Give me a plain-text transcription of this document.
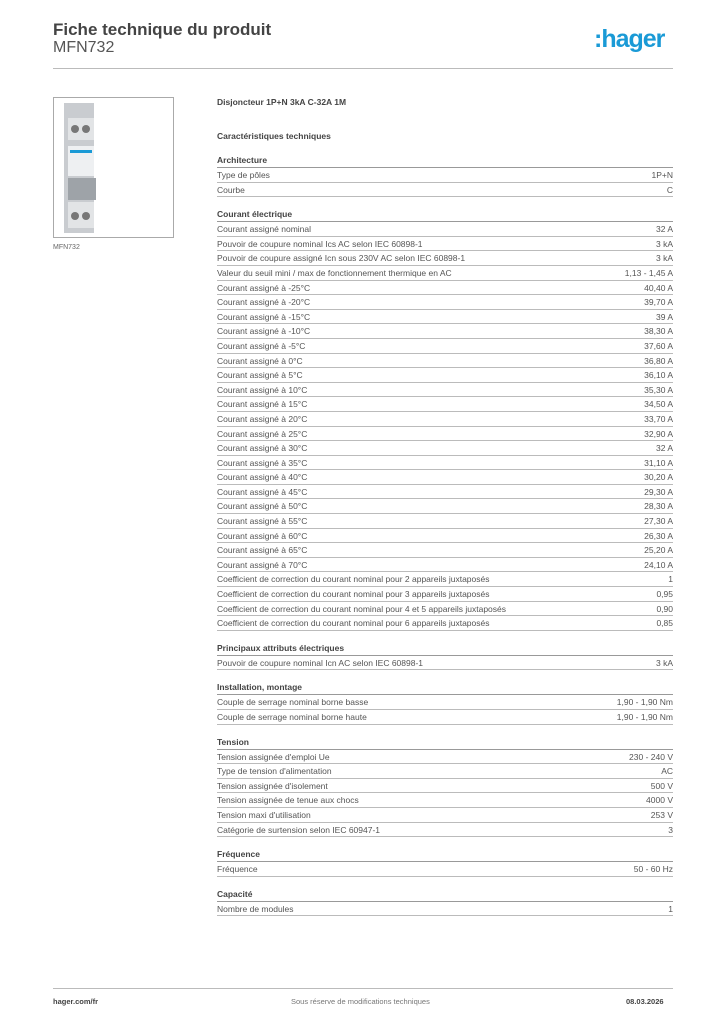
Fiche technique du produit
MFN732	:hager
MFN732
Disjoncteur 1P+N 3kA C-32A 1M
Caractéristiques techniques
Architecture
Type de pôles	1P+N
Courbe	C
Courant électrique
Courant assigné nominal	32 A
Pouvoir de coupure nominal Ics AC selon IEC 60898-1	3 kA
Pouvoir de coupure assigné Icn sous 230V AC selon IEC 60898-1	3 kA
Valeur du seuil mini / max de fonctionnement thermique en AC	1,13 - 1,45 A
Courant assigné à -25°C	40,40 A
Courant assigné à -20°C	39,70 A
Courant assigné à -15°C	39 A
Courant assigné à -10°C	38,30 A
Courant assigné à -5°C	37,60 A
Courant assigné à 0°C	36,80 A
Courant assigné à 5°C	36,10 A
Courant assigné à 10°C	35,30 A
Courant assigné à 15°C	34,50 A
Courant assigné à 20°C	33,70 A
Courant assigné à 25°C	32,90 A
Courant assigné à 30°C	32 A
Courant assigné à 35°C	31,10 A
Courant assigné à 40°C	30,20 A
Courant assigné à 45°C	29,30 A
Courant assigné à 50°C	28,30 A
Courant assigné à 55°C	27,30 A
Courant assigné à 60°C	26,30 A
Courant assigné à 65°C	25,20 A
Courant assigné à 70°C	24,10 A
Coefficient de correction du courant nominal pour 2 appareils juxtaposés	1
Coefficient de correction du courant nominal pour 3 appareils juxtaposés	0,95
Coefficient de correction du courant nominal pour 4 et 5 appareils juxtaposés	0,90
Coefficient de correction du courant nominal pour 6 appareils juxtaposés	0,85
Principaux attributs électriques
Pouvoir de coupure nominal Icn AC selon IEC 60898-1	3 kA
Installation, montage
Couple de serrage nominal borne basse	1,90 - 1,90 Nm
Couple de serrage nominal borne haute	1,90 - 1,90 Nm
Tension
Tension assignée d'emploi Ue	230 - 240 V
Type de tension d'alimentation	AC
Tension assignée d'isolement	500 V
Tension assignée de tenue aux chocs	4000 V
Tension maxi d'utilisation	253 V
Catégorie de surtension selon IEC 60947-1	3
Fréquence
Fréquence	50 - 60 Hz
Capacité
Nombre de modules	1
hager.com/fr	Sous réserve de modifications techniques	08.03.2026
